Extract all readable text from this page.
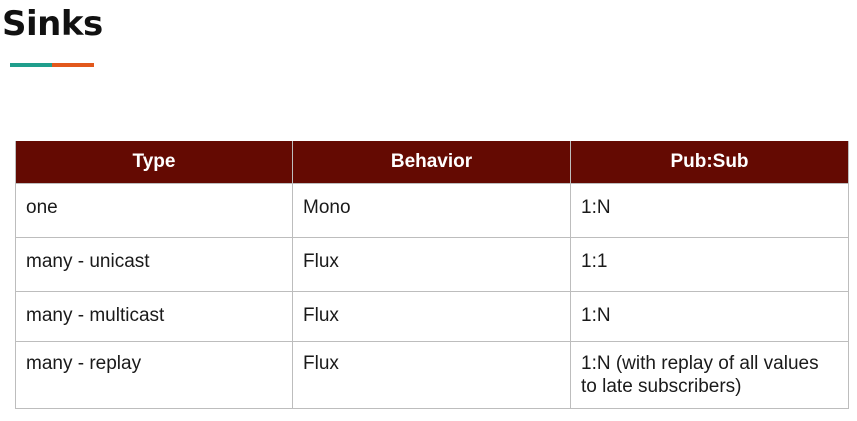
Sinks
Type	Behavior	Pub:Sub
one	Mono	1:N
many - unicast	Flux	1:1
many - multicast	Flux	1:N
many - replay	Flux	1:N (with replay of all values to late subscribers)
